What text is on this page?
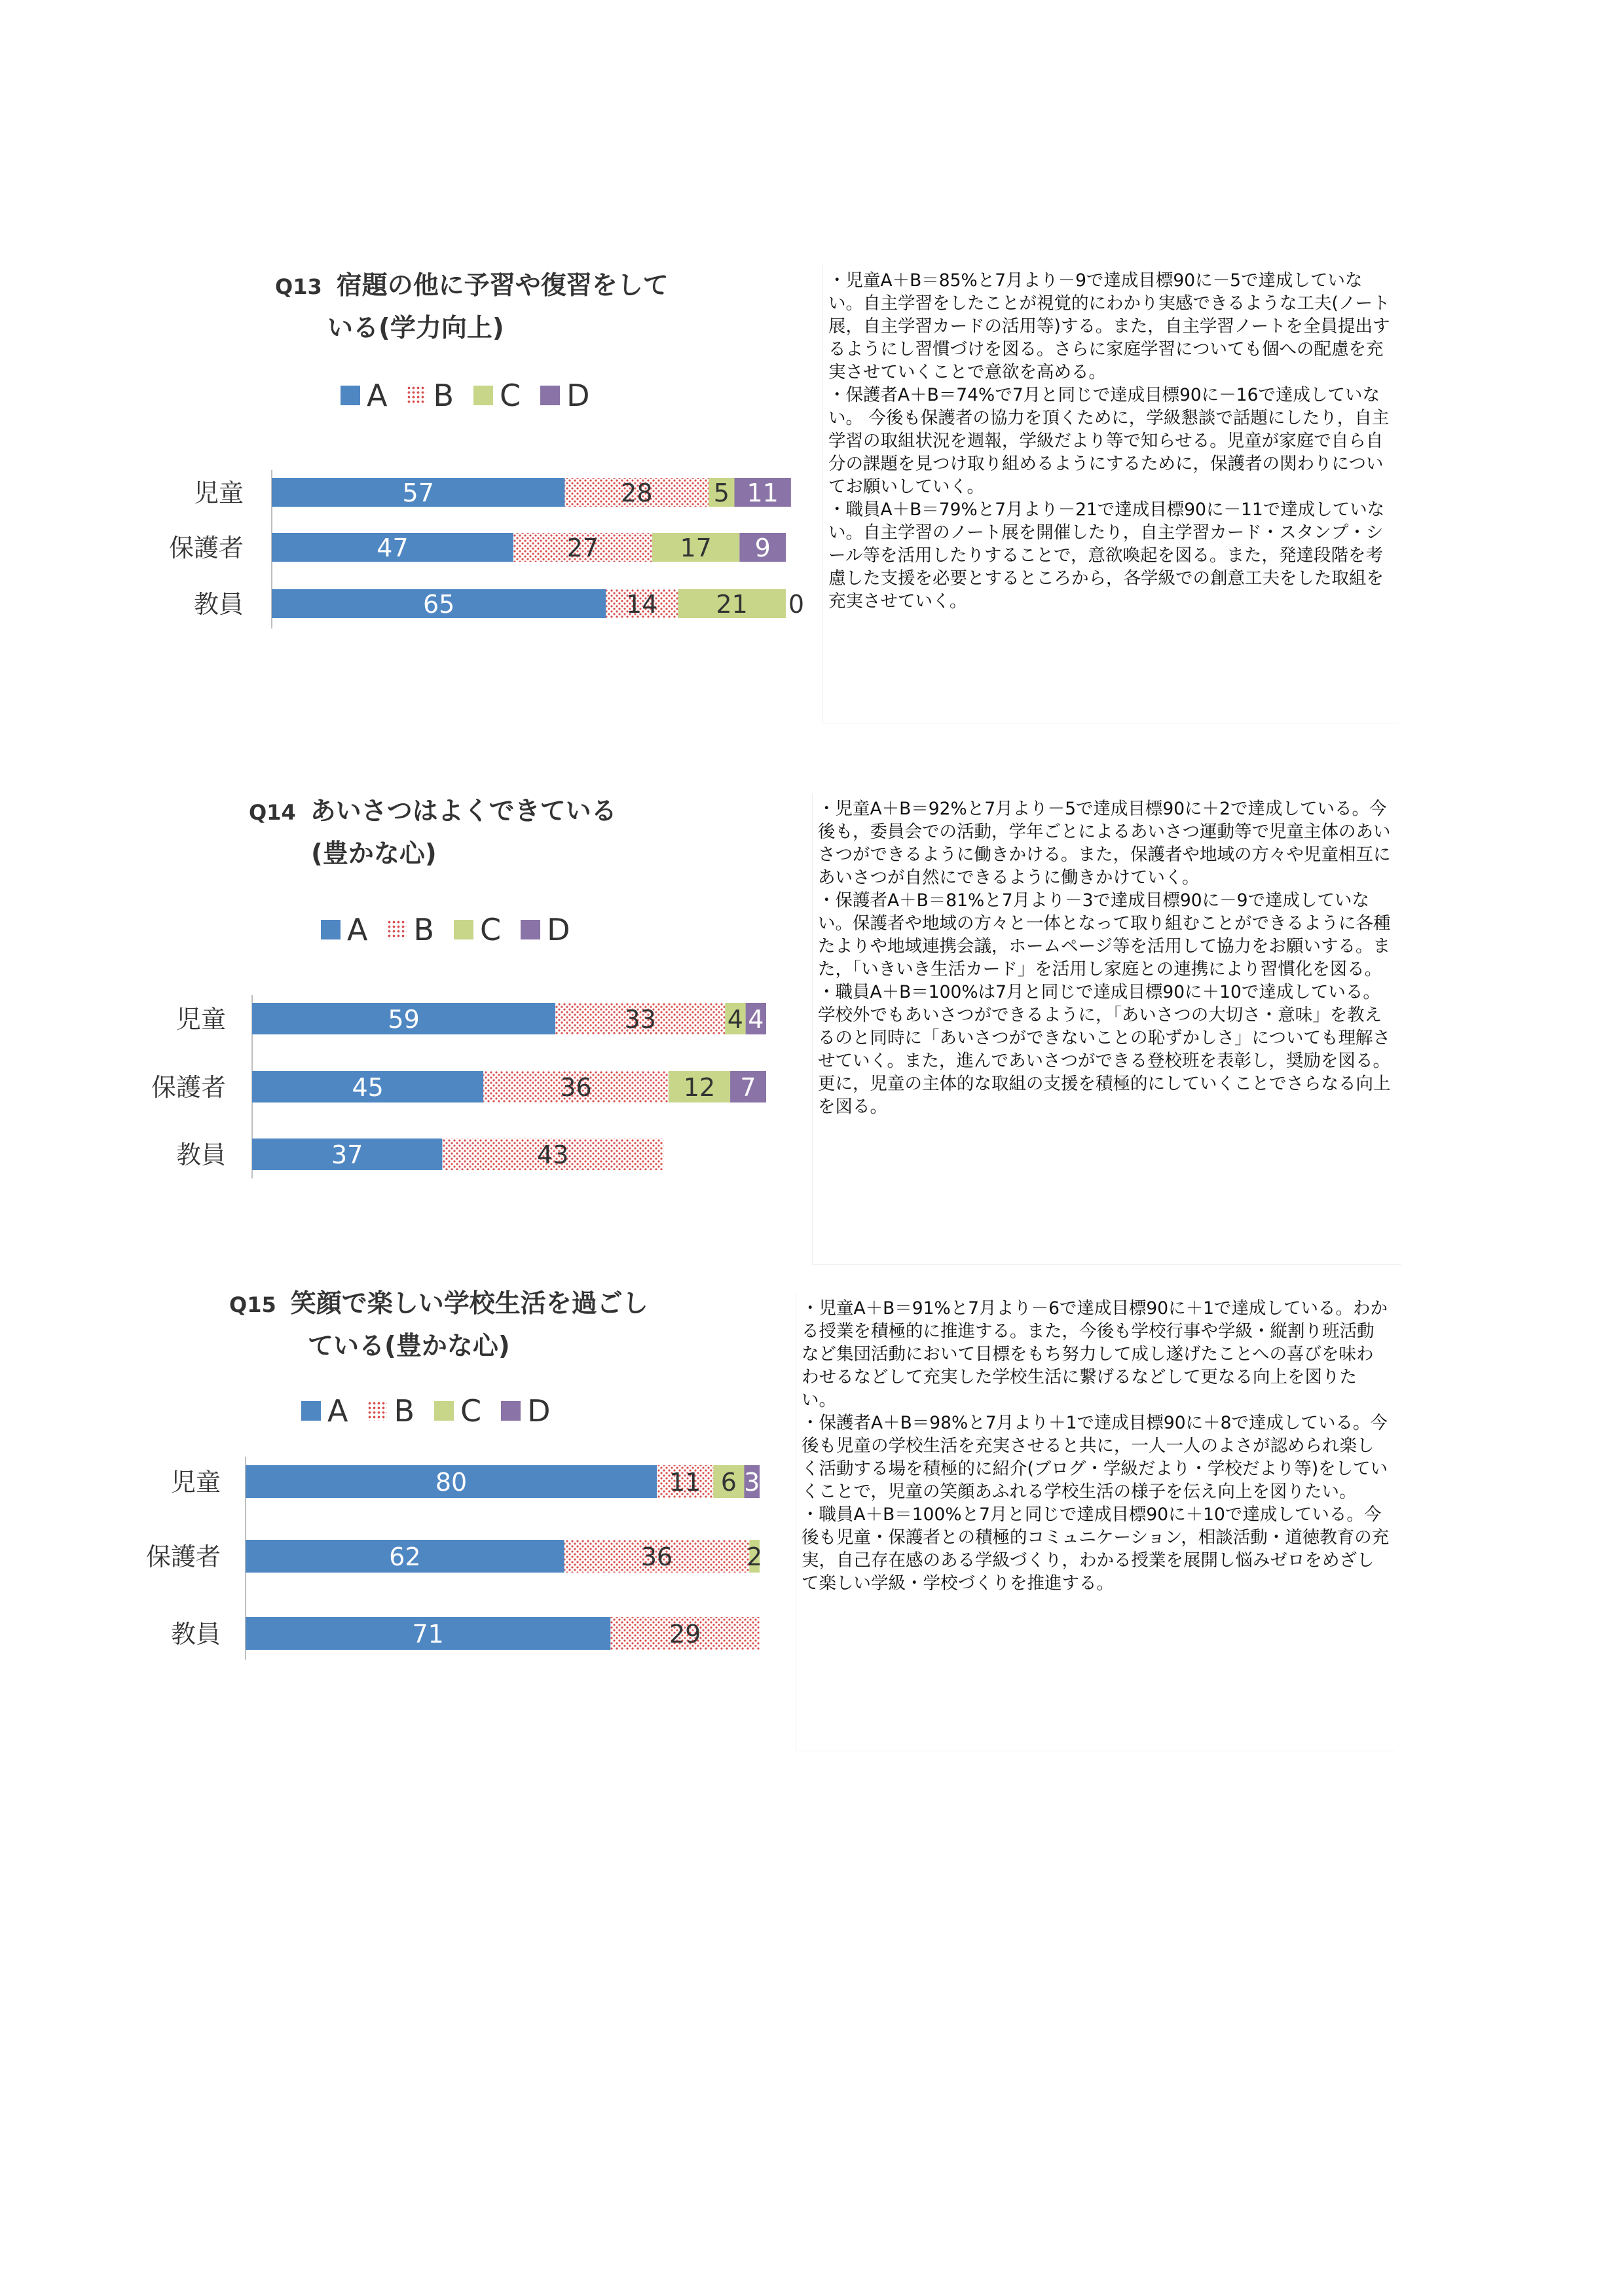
Q13 宿題の他に予習や復習をして
いる(学力向上)
A B C D

・児童A＋B＝85%と7月より－9で達成目標90に－5で達成していない。自主学習をしたことが視覚的にわかり実感できるような工夫(ノート展，自主学習カードの活用等)する。また，自主学習ノートを全員提出するようにし習慣づけを図る。さらに家庭学習についても個への配慮を充実させていくことで意欲を高める。

・保護者A＋B＝74%で7月と同じで達成目標90に－16で達成していない。 今後も保護者の協力を頂くために，学級懇談で話題にしたり，自主学習の取組状況を週報，学級だより等で知らせる。児童が家庭で自ら自分の課題を見つけ取り組めるようにするために，保護者の関わりについてお願いしていく。

・職員A＋B＝79%と7月より－21で達成目標90に－11で達成していない。自主学習のノート展を開催したり，自主学習カード・スタンプ・シール等を活用したりすることで，意欲喚起を図る。また，発達段階を考慮した支援を必要とするところから，各学級での創意工夫をした取組を充実させていく。

Q14 あいさつはよくできている
(豊かな心)
A B C D

・児童A＋B＝92%と7月より－5で達成目標90に＋2で達成している。今後も，委員会での活動，学年ごとによるあいさつ運動等で児童主体のあいさつができるように働きかける。また，保護者や地域の方々や児童相互にあいさつが自然にできるように働きかけていく。

・保護者A＋B＝81%と7月より－3で達成目標90に－9で達成していない。保護者や地域の方々と一体となって取り組むことができるように各種たよりや地域連携会議，ホームページ等を活用して協力をお願いする。また，「いきいき生活カード」を活用し家庭との連携により習慣化を図る。

・職員A＋B＝100%は7月と同じで達成目標90に＋10で達成している。学校外でもあいさつができるように，「あいさつの大切さ・意味」を教えるのと同時に「あいさつができないことの恥ずかしさ」についても理解させていく。また，進んであいさつができる登校班を表彰し，奨励を図る。更に，児童の主体的な取組の支援を積極的にしていくことでさらなる向上を図る。

Q15 笑顔で楽しい学校生活を過ごし
ている(豊かな心)
A B C D

・児童A＋B＝91%と7月より－6で達成目標90に＋1で達成している。わかる授業を積極的に推進する。また，今後も学校行事や学級・縦割り班活動など集団活動において目標をもち努力して成し遂げたことへの喜びを味わわせるなどして充実した学校生活に繋げるなどして更なる向上を図りたい。

・保護者A＋B＝98%と7月より＋1で達成目標90に＋8で達成している。今後も児童の学校生活を充実させると共に，一人一人のよさが認められ楽しく活動する場を積極的に紹介(ブログ・学級だより・学校だより等)をしていくことで，児童の笑顔あふれる学校生活の様子を伝え向上を図りたい。

・職員A＋B＝100%と7月と同じで達成目標90に＋10で達成している。今後も児童・保護者との積極的コミュニケーション，相談活動・道徳教育の充実，自己存在感のある学級づくり，わかる授業を展開し悩みゼロをめざして楽しい学級・学校づくりを推進する。

児童	57	28 5 11
保護者	47	27	17 9
教員	65	14 21 0
児童	59	33	4 4
保護者	45	36	12 7
教員	37	43
児童	80	11 6 3
保護者	62	36	2
教員	71	29
